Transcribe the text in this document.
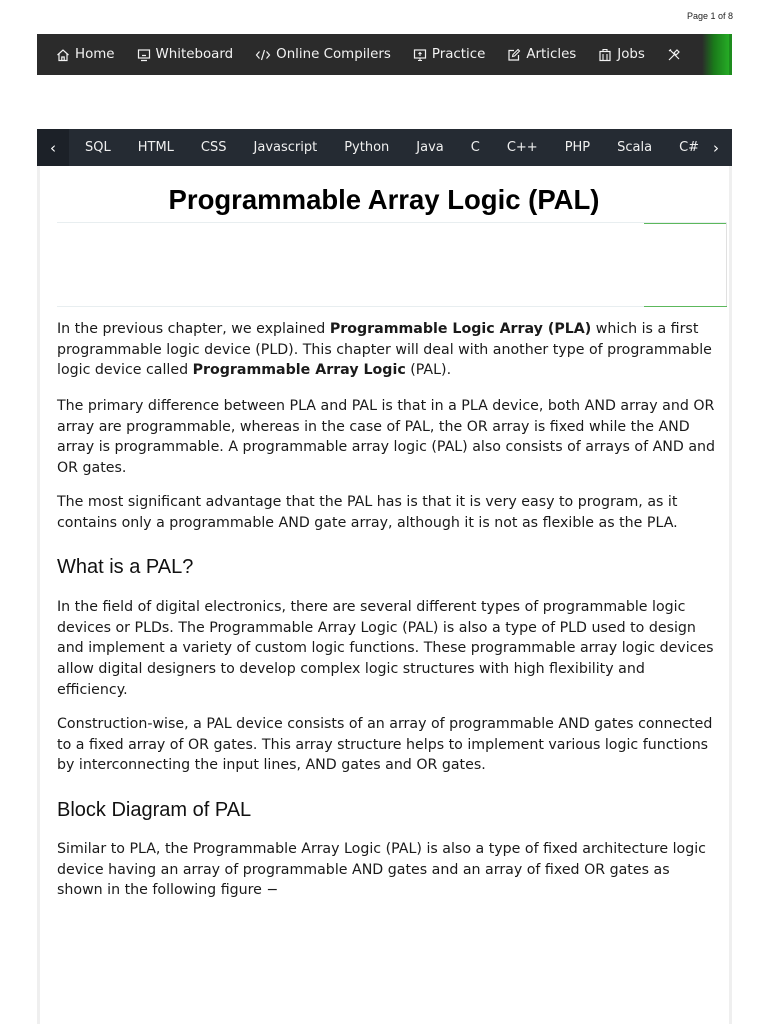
Page 1 of 8
Home	Whiteboard	Online Compilers	Practice	Articles	Jobs
‹ SQL HTML CSS Javascript Python Java C C++ PHP Scala C# ›
Programmable Array Logic (PAL)

In the previous chapter, we explained Programmable Logic Array (PLA) which is a first programmable logic device (PLD). This chapter will deal with another type of programmable logic device called Programmable Array Logic (PAL).

The primary difference between PLA and PAL is that in a PLA device, both AND array and OR array are programmable, whereas in the case of PAL, the OR array is fixed while the AND array is programmable. A programmable array logic (PAL) also consists of arrays of AND and OR gates.

The most significant advantage that the PAL has is that it is very easy to program, as it contains only a programmable AND gate array, although it is not as flexible as the PLA.

What is a PAL?

In the field of digital electronics, there are several different types of programmable logic devices or PLDs. The Programmable Array Logic (PAL) is also a type of PLD used to design and implement a variety of custom logic functions. These programmable array logic devices allow digital designers to develop complex logic structures with high flexibility and efficiency.

Construction-wise, a PAL device consists of an array of programmable AND gates connected to a fixed array of OR gates. This array structure helps to implement various logic functions by interconnecting the input lines, AND gates and OR gates.

Block Diagram of PAL

Similar to PLA, the Programmable Array Logic (PAL) is also a type of fixed architecture logic device having an array of programmable AND gates and an array of fixed OR gates as shown in the following figure −
